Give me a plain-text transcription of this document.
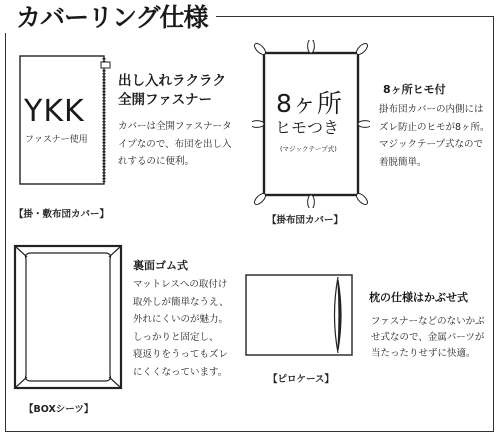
カバーリング仕様
YKK
ファスナー使用
出し入れラクラク
全開ファスナー
カバーは全開ファスナータ
イプなので、布団を出し入
れするのに便利。
【掛・敷布団カバー】
8ヶ所
ヒモつき
(マジックテープ式)
8ヶ所ヒモ付
掛布団カバーの内側には
ズレ防止のヒモが8ヶ所。
マジックテープ式なので
着脱簡単。
【掛布団カバー】
裏面ゴム式
マットレスへの取付け
取外しが簡単なうえ、
外れにくいのが魅力。
しっかりと固定し、
寝返りをうってもズレ
にくくなっています。
【BOXシーツ】
枕の仕様はかぶせ式
ファスナーなどのないかぶ
せ式なので、金属パーツが
当たったりせずに快適。
【ピロケース】
